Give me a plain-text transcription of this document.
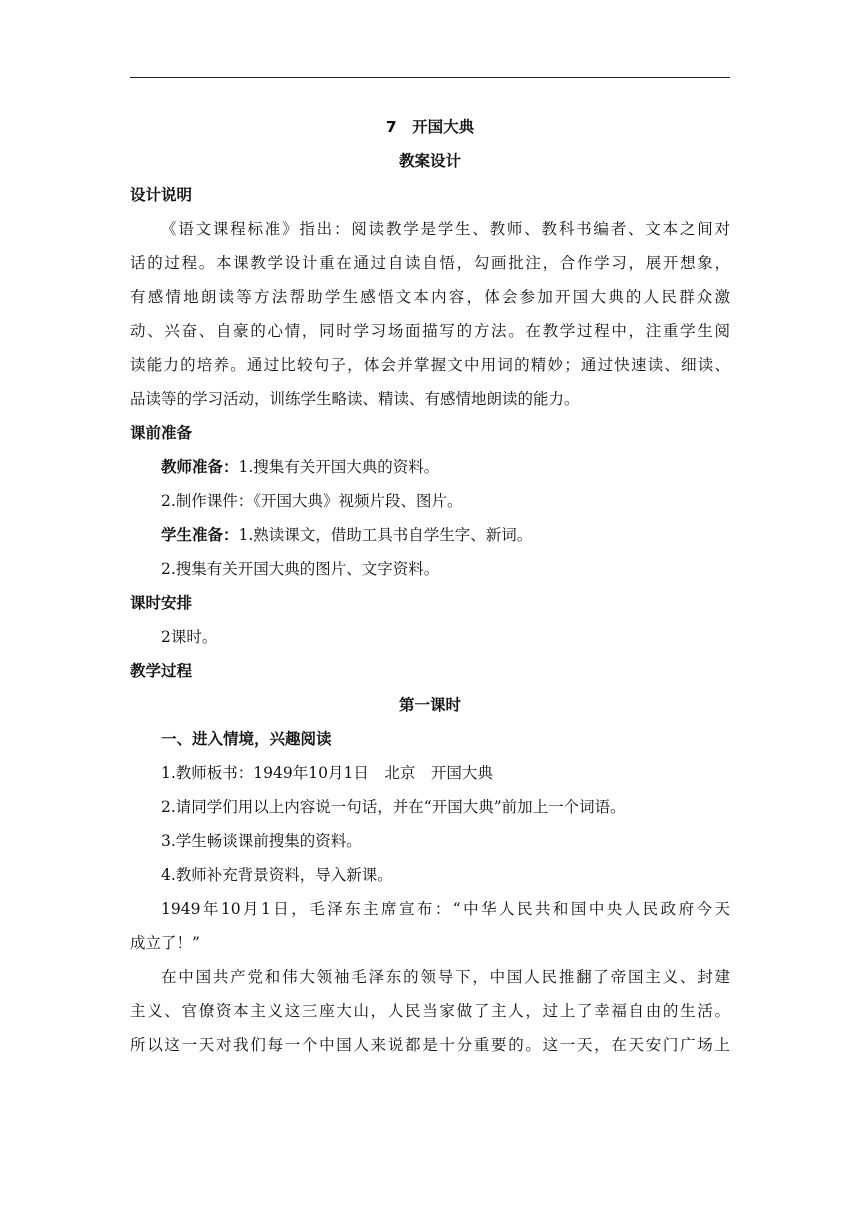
7　开国大典
教案设计
设计说明
《语文课程标准》指出：阅读教学是学生、教师、教科书编者、文本之间对
话的过程。本课教学设计重在通过自读自悟，勾画批注，合作学习，展开想象，
有感情地朗读等方法帮助学生感悟文本内容，体会参加开国大典的人民群众激
动、兴奋、自豪的心情，同时学习场面描写的方法。在教学过程中，注重学生阅
读能力的培养。通过比较句子，体会并掌握文中用词的精妙；通过快速读、细读、
品读等的学习活动，训练学生略读、精读、有感情地朗读的能力。
课前准备
教师准备：1.搜集有关开国大典的资料。
2.制作课件：《开国大典》视频片段、图片。
学生准备：1.熟读课文，借助工具书自学生字、新词。
2.搜集有关开国大典的图片、文字资料。
课时安排
2课时。
教学过程
第一课时
一、进入情境，兴趣阅读
1.教师板书：1949年10月1日　北京　开国大典
2.请同学们用以上内容说一句话，并在“开国大典”前加上一个词语。
3.学生畅谈课前搜集的资料。
4.教师补充背景资料，导入新课。
1949年10月1日，毛泽东主席宣布：“中华人民共和国中央人民政府今天
成立了！”
在中国共产党和伟大领袖毛泽东的领导下，中国人民推翻了帝国主义、封建
主义、官僚资本主义这三座大山，人民当家做了主人，过上了幸福自由的生活。
所以这一天对我们每一个中国人来说都是十分重要的。这一天，在天安门广场上
